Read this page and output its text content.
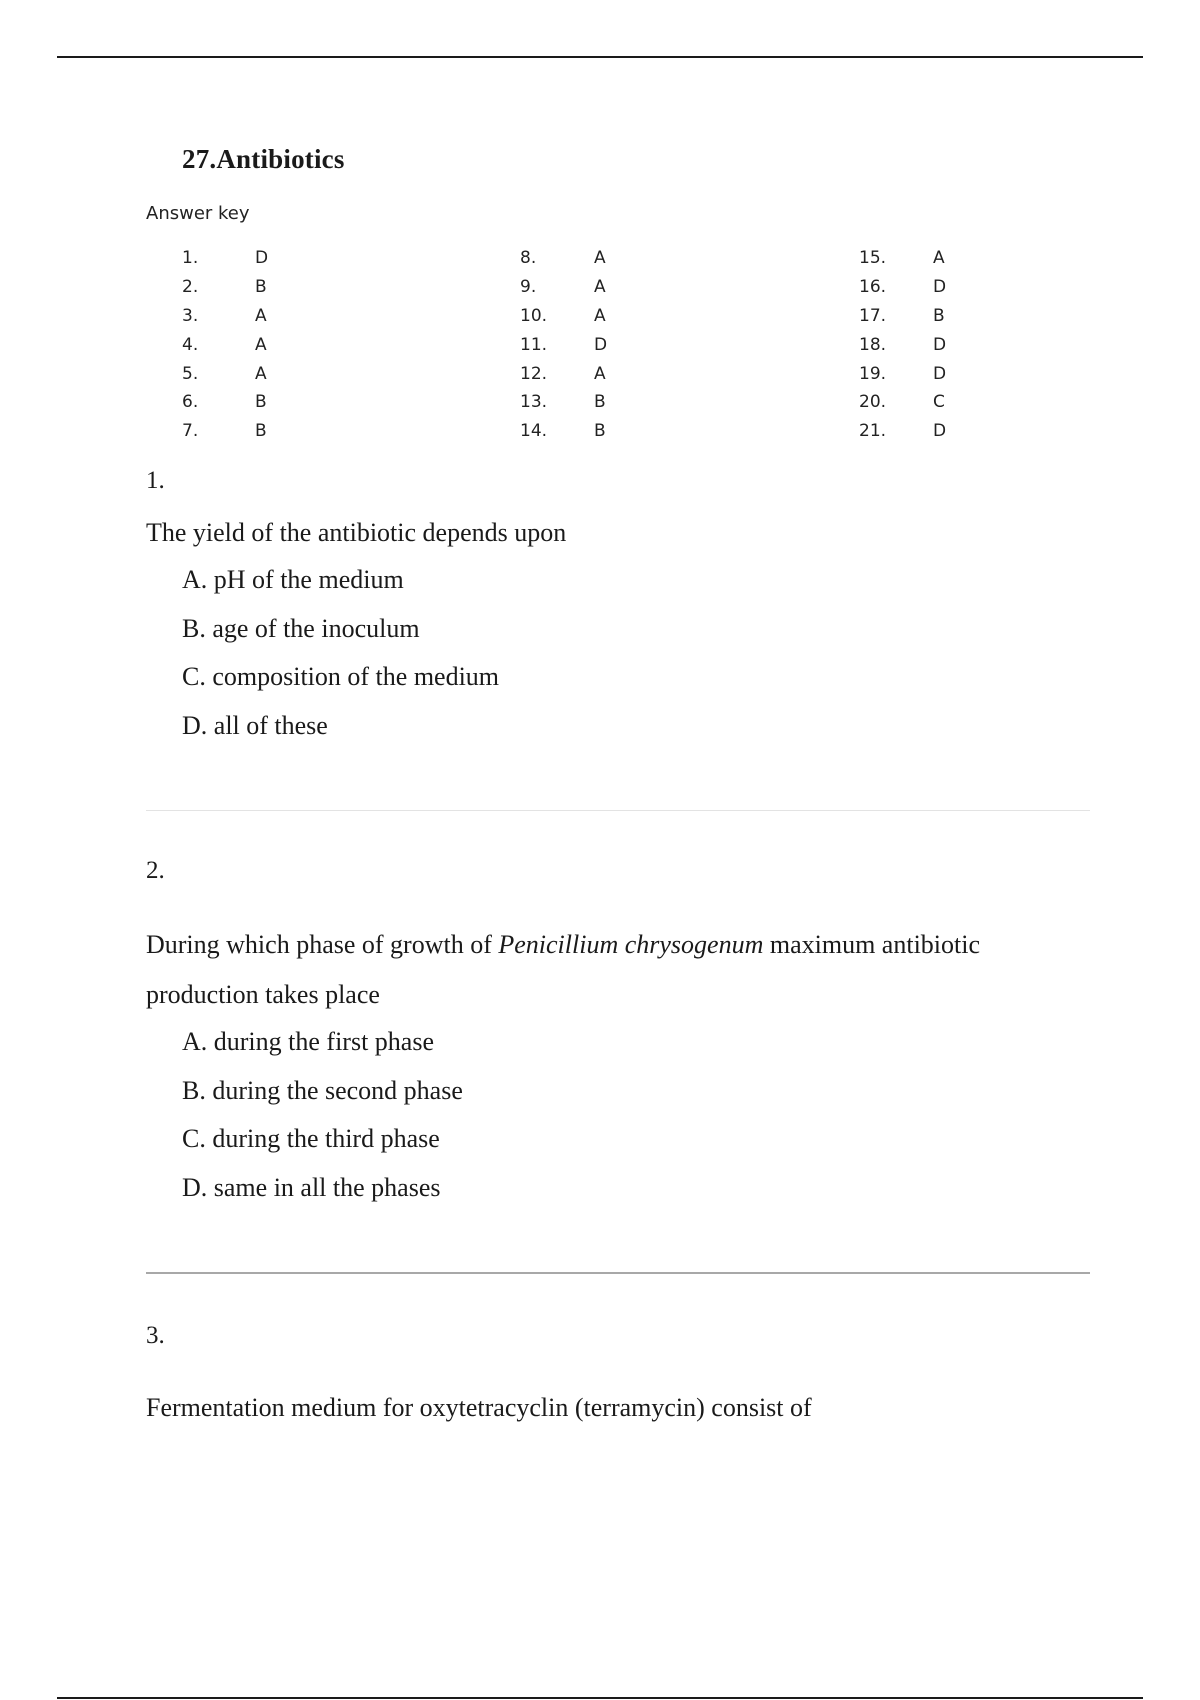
27.Antibiotics
Answer key
1.	D
2.	B
3.	A
4.	A
5.	A
6.	B
7.	B
8.	A
9.	A
10.	A
11.	D
12.	A
13.	B
14.	B
15.	A
16.	D
17.	B
18.	D
19.	D
20.	C
21.	D
1.
The yield of the antibiotic depends upon
A. pH of the medium
B. age of the inoculum
C. composition of the medium
D. all of these
2.
During which phase of growth of Penicillium chrysogenum maximum antibiotic production takes place
A. during the first phase
B. during the second phase
C. during the third phase
D. same in all the phases
3.
Fermentation medium for oxytetracyclin (terramycin) consist of
